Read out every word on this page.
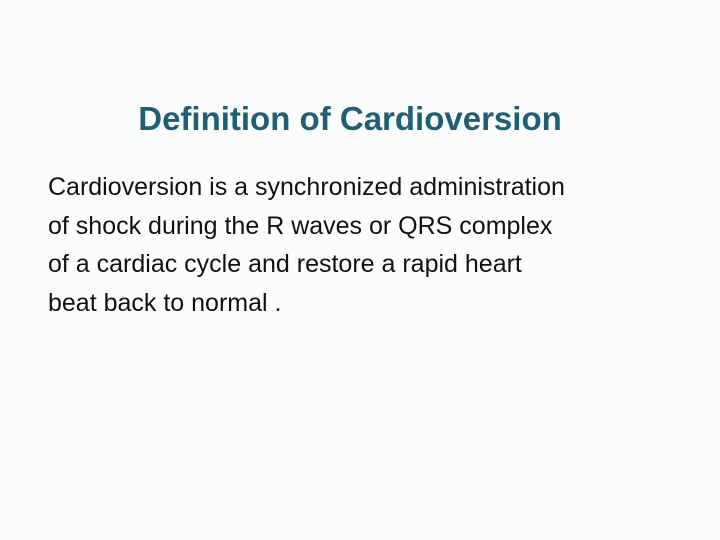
Definition of Cardioversion
Cardioversion is a synchronized administration
of shock during the R waves or QRS complex
of a cardiac cycle and restore a rapid heart
beat back to normal .
